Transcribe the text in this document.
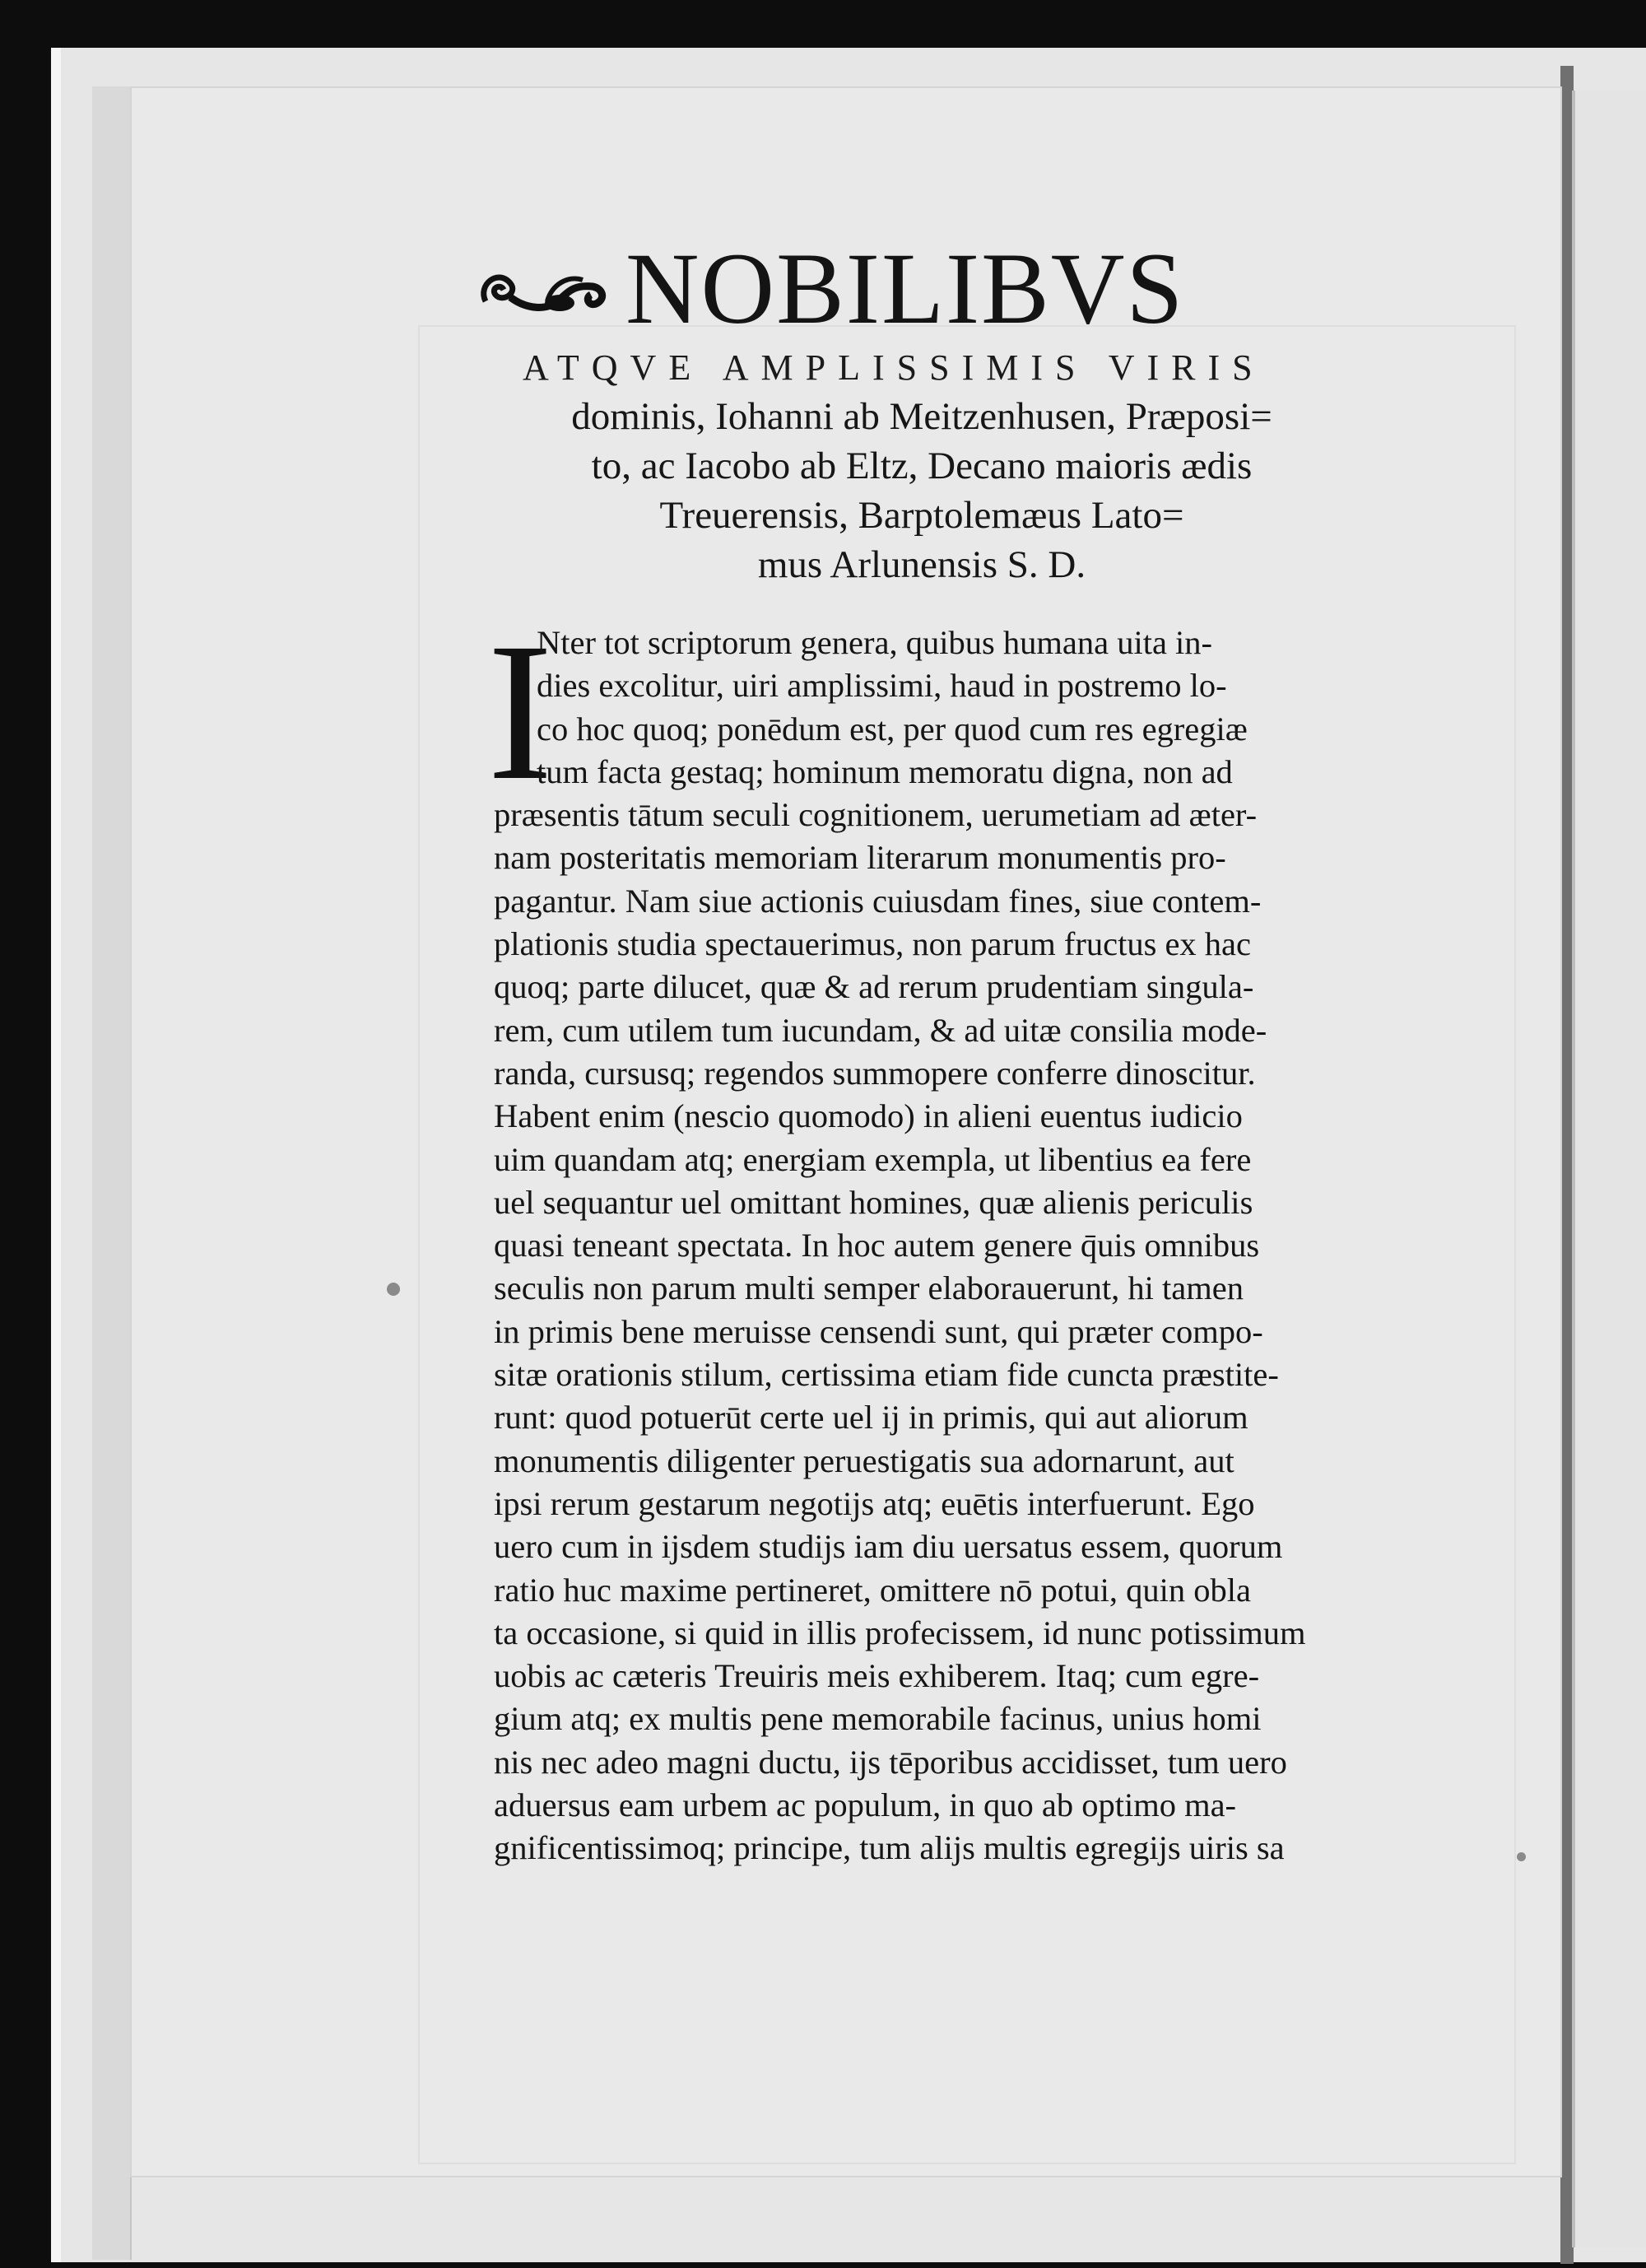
NOBILIBVS
ATQVE AMPLISSIMIS VIRIS
dominis, Iohanni ab Meitzenhusen, Præposi=
to, ac Iacobo ab Eltz, Decano maioris ædis
Treuerensis, Barptolemæus Lato=
mus Arlunensis S. D.
I
Nter tot scriptorum genera, quibus humana uita in-
dies excolitur, uiri amplissimi, haud in postremo lo-
co hoc quoq; ponēdum est, per quod cum res egregiæ
tum facta gestaq; hominum memoratu digna, non ad
præsentis tātum seculi cognitionem, uerumetiam ad æter-
nam posteritatis memoriam literarum monumentis pro-
pagantur. Nam siue actionis cuiusdam fines, siue contem-
plationis studia spectauerimus, non parum fructus ex hac
quoq; parte dilucet, quæ & ad rerum prudentiam singula-
rem, cum utilem tum iucundam, & ad uitæ consilia mode-
randa, cursusq; regendos summopere conferre dinoscitur.
Habent enim (nescio quomodo) in alieni euentus iudicio
uim quandam atq; energiam exempla, ut libentius ea fere
uel sequantur uel omittant homines, quæ alienis periculis
quasi teneant spectata. In hoc autem genere q̄uis omnibus
seculis non parum multi semper elaborauerunt, hi tamen
in primis bene meruisse censendi sunt, qui præter compo-
sitæ orationis stilum, certissima etiam fide cuncta præstite-
runt: quod potuerūt certe uel ij in primis, qui aut aliorum
monumentis diligenter peruestigatis sua adornarunt, aut
ipsi rerum gestarum negotijs atq; euētis interfuerunt. Ego
uero cum in ijsdem studijs iam diu uersatus essem, quorum
ratio huc maxime pertineret, omittere nō potui, quin obla
ta occasione, si quid in illis profecissem, id nunc potissimum
uobis ac cæteris Treuiris meis exhiberem. Itaq; cum egre-
gium atq; ex multis pene memorabile facinus, unius homi
nis nec adeo magni ductu, ijs tēporibus accidisset, tum uero
aduersus eam urbem ac populum, in quo ab optimo ma-
gnificentissimoq; principe, tum alijs multis egregijs uiris sa
